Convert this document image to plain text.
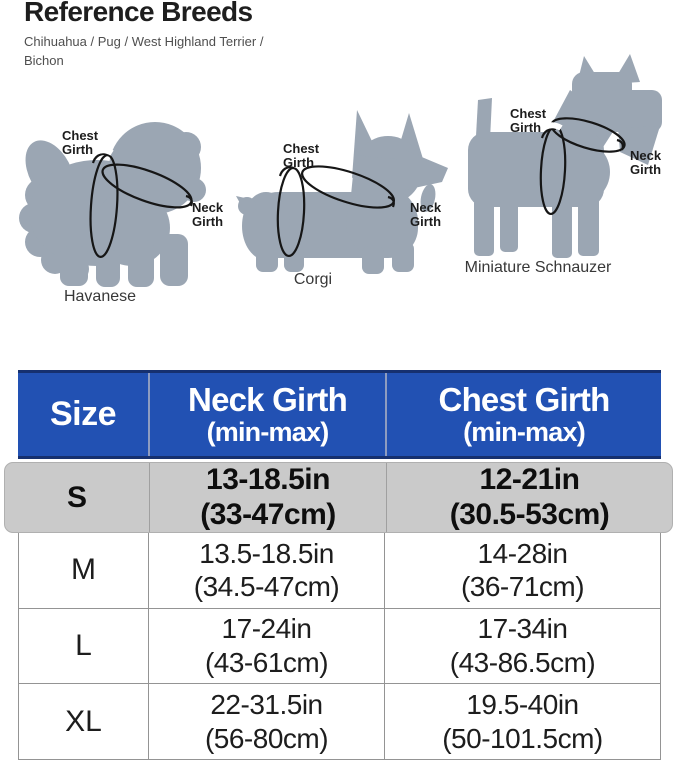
Reference Breeds
Chihuahua / Pug / West Highland Terrier /
Bichon
Chest
Girth
Neck
Girth
Chest
Girth
Neck
Girth
Chest
Girth
Neck
Girth
Havanese
Corgi
Miniature Schnauzer
Size	Neck Girth
(min-max)
Chest Girth
(min-max)
S
13-18.5in
(33-47cm)
12-21in
(30.5-53cm)
M
13.5-18.5in
(34.5-47cm)
14-28in
(36-71cm)
L
17-24in
(43-61cm)
17-34in
(43-86.5cm)
XL
22-31.5in
(56-80cm)
19.5-40in
(50-101.5cm)
